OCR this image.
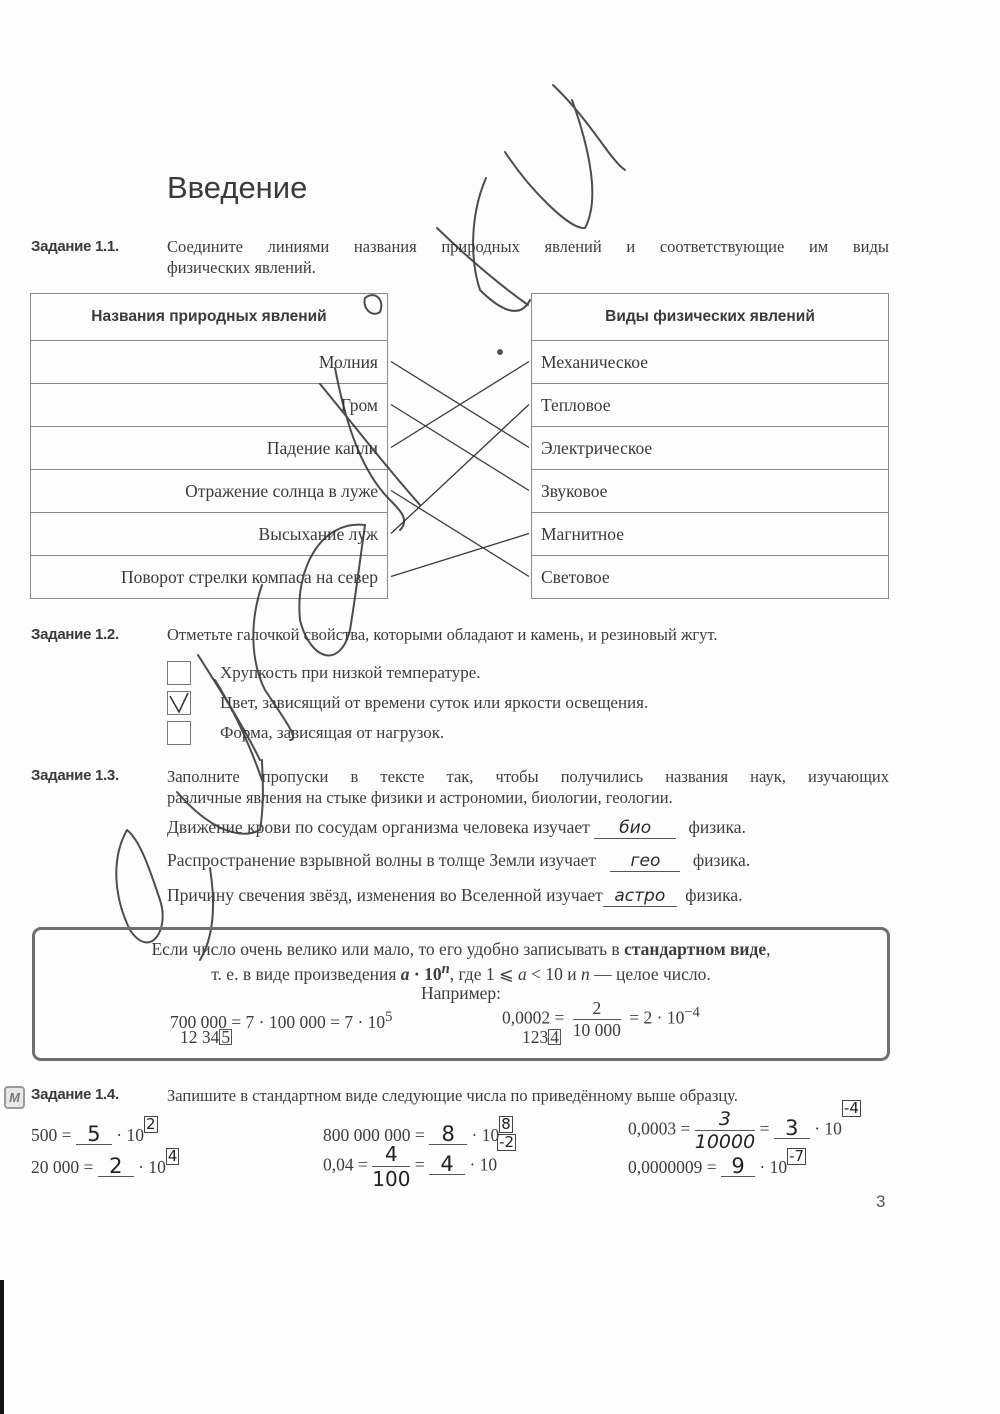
Введение
Задание 1.1.	Соедините линиями названия природных явлений и соответствующие им виды
физических явлений.
Названия природных явлений
Молния
Гром
Падение капли
Отражение солнца в луже
Высыхание луж
Поворот стрелки компаса на север
Виды физических явлений
Механическое
Тепловое
Электрическое
Звуковое
Магнитное
Световое
Задание 1.2.	Отметьте галочкой свойства, которыми обладают и камень, и резиновый жгут.
Хрупкость при низкой температуре.
Цвет, зависящий от времени суток или яркости освещения.
Форма, зависящая от нагрузок.
Задание 1.3.	Заполните пропуски в тексте так, чтобы получились названия наук, изучающих
различные явления на стыке физики и астрономии, биологии, геологии.
Движение крови по сосудам организма человека изучает био физика.
Распространение взрывной волны в толще Земли изучает гео физика.
Причину свечения звёзд, изменения во Вселенной изучает астро физика.
Если число очень велико или мало, то его удобно записывать в стандартном виде,
т. е. в виде произведения $a \cdot 10^n$, где 1 ⩽ a < 10 и n — целое число.
Например:
700 000 = 7 · 100 $000 = 7 \cdot 10^5$
12 34 5
$0,0002 = \frac{2}{10 000} = 2 \cdot 10^{-4}$
123 4
M Задание 1.4.	Запишите в стандартном виде следующие числа по приведённому выше образцу.
500 = 5 · 102
20 000 = 2 · 104
800 000 000 = 8 · 108
$0,04 = \frac{4}{100} = 4 \cdot 10-2$
$0,0003 = \frac{3}{10000} = 3 \cdot 10-4$
0,0000009 = 9 · 10-7
3
